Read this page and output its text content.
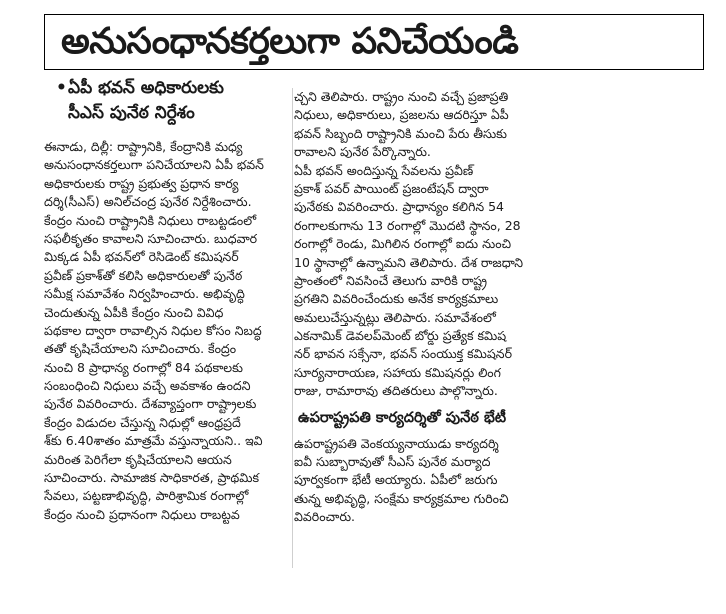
అనుసంధానకర్తలుగా పనిచేయండి
•ఏపీ భవన్ అధికారులకు
సీఎస్ పునేఠ నిర్దేశం
ఈనాడు, దిల్లీ: రాష్ట్రానికి, కేంద్రానికి మధ్య
అనుసంధానకర్తలుగా పనిచేయాలని ఏపీ భవన్
అధికారులకు రాష్ట్ర ప్రభుత్వ ప్రధాన కార్య
దర్శి(సీఎస్) అనిల్‌చంద్ర పునేఠ నిర్దేశించారు.
కేంద్రం నుంచి రాష్ట్రానికి నిధులు రాబట్టడంలో
సఫలీకృతం కావాలని సూచించారు. బుధవార
మిక్కడ ఏపీ భవన్‌లో రెసిడెంట్ కమిషనర్
ప్రవీణ్ ప్రకాశ్‌తో కలిసి అధికారులతో పునేఠ
సమీక్ష సమావేశం నిర్వహించారు. అభివృద్ధి
చెందుతున్న ఏపీకి కేంద్రం నుంచి వివిధ
పథకాల ద్వారా రావాల్సిన నిధుల కోసం నిబద్ధ
తతో కృషిచేయాలని సూచించారు. కేంద్రం
నుంచి 8 ప్రాధాన్య రంగాల్లో 84 పథకాలకు
సంబంధించి నిధులు వచ్చే అవకాశం ఉందని
పునేఠ వివరించారు. దేశవ్యాప్తంగా రాష్ట్రాలకు
కేంద్రం విడుదల చేస్తున్న నిధుల్లో ఆంధ్రప్రదే
శ్‌కు 6.40శాతం మాత్రమే వస్తున్నాయని.. ఇవి
మరింత పెరిగేలా కృషిచేయాలని ఆయన
సూచించారు. సామాజిక సాధికారత, ప్రాథమిక
సేవలు, పట్టణాభివృద్ధి, పారిశ్రామిక రంగాల్లో
కేంద్రం నుంచి ప్రధానంగా నిధులు రాబట్టవ
చ్చని తెలిపారు. రాష్ట్రం నుంచి వచ్చే ప్రజాప్రతి
నిధులు, అధికారులు, ప్రజలను ఆదరిస్తూ ఏపీ
భవన్ సిబ్బంది రాష్ట్రానికి మంచి పేరు తీసుకు
రావాలని పునేఠ పేర్కొన్నారు.
ఏపీ భవన్ అందిస్తున్న సేవలను ప్రవీణ్
ప్రకాశ్ పవర్ పాయింట్ ప్రజంటేషన్ ద్వారా
పునేఠకు వివరించారు. ప్రాధాన్యం కలిగిన 54
రంగాలకుగాను 13 రంగాల్లో మొదటి స్థానం, 28
రంగాల్లో రెండు, మిగిలిన రంగాల్లో ఐదు నుంచి
10 స్థానాల్లో ఉన్నామని తెలిపారు. దేశ రాజధాని
ప్రాంతంలో నివసించే తెలుగు వారికి రాష్ట్ర
ప్రగతిని వివరించేందుకు అనేక కార్యక్రమాలు
అమలుచేస్తున్నట్లు తెలిపారు. సమావేశంలో
ఎకనామిక్ డెవలప్‌మెంట్ బోర్డు ప్రత్యేక కమిష
నర్ భావన సక్సేనా, భవన్ సంయుక్త కమిషనర్
సూర్యనారాయణ, సహాయ కమిషనర్లు లింగ
రాజు, రామారావు తదితరులు పాల్గొన్నారు.
ఉపరాష్ట్రపతి కార్యదర్శితో పునేఠ భేటీ
ఉపరాష్ట్రపతి వెంకయ్యనాయుడు కార్యదర్శి
ఐవీ సుబ్బారావుతో సీఎస్ పునేఠ మర్యాద
పూర్వకంగా భేటీ అయ్యారు. ఏపీలో జరుగు
తున్న అభివృద్ధి, సంక్షేమ కార్యక్రమాల గురించి
వివరించారు.
